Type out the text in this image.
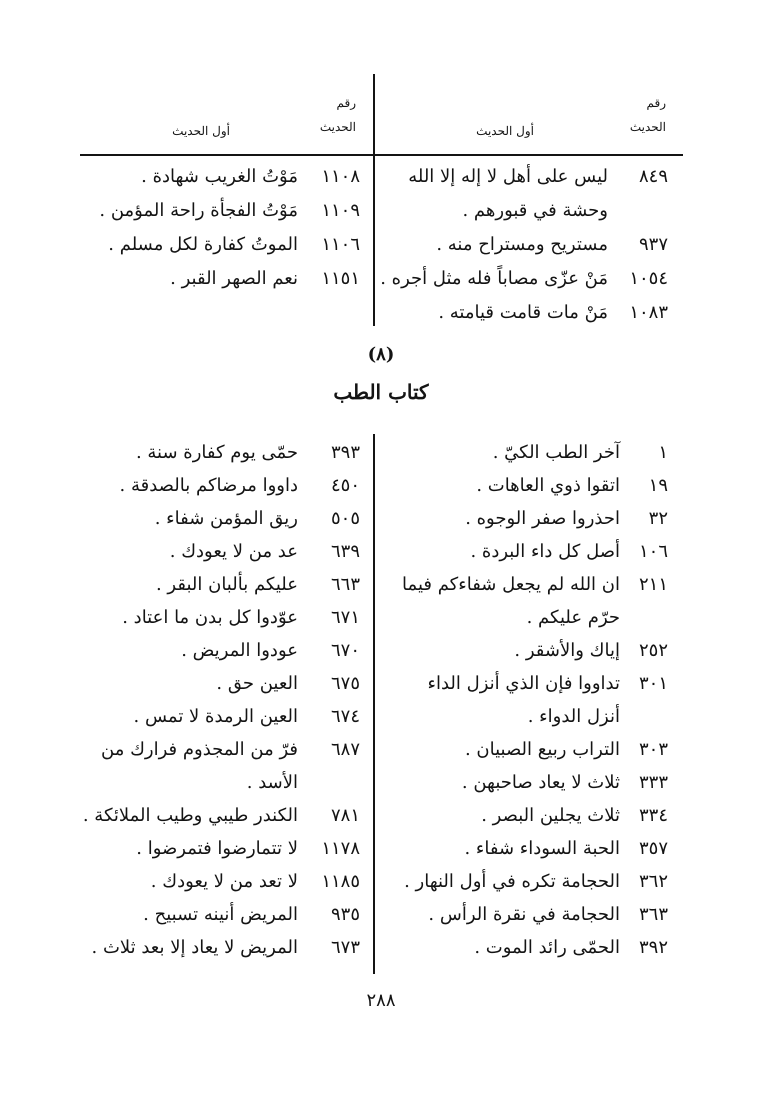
رقم
الحديث
أول الحديث
رقم
الحديث
أول الحديث
٨٤٩
ليس على أهل لا إله إلا الله
وحشة في قبورهم .
٩٣٧
مستريح ومستراح منه .
١٠٥٤
مَنْ عزّى مصاباً فله مثل أجره .
١٠٨٣
مَنْ مات قامت قيامته .
١١٠٨
مَوْتُ الغريب شهادة .
١١٠٩
مَوْتُ الفجأة راحة المؤمن .
١١٠٦
الموتُ كفارة لكل مسلم .
١١٥١
نعم الصهر القبر .
(٨)
كتاب الطب
١
آخر الطب الكيّ .
١٩
اتقوا ذوي العاهات .
٣٢
احذروا صفر الوجوه .
١٠٦
أصل كل داء البردة .
٢١١
ان الله لم يجعل شفاءكم فيما
حرّم عليكم .
٢٥٢
إياك والأشقر .
٣٠١
تداووا فإن الذي أنزل الداء
أنزل الدواء .
٣٠٣
التراب ربيع الصبيان .
٣٣٣
ثلاث لا يعاد صاحبهن .
٣٣٤
ثلاث يجلين البصر .
٣٥٧
الحبة السوداء شفاء .
٣٦٢
الحجامة تكره في أول النهار .
٣٦٣
الحجامة في نقرة الرأس .
٣٩٢
الحمّى رائد الموت .
٣٩٣
حمّى يوم كفارة سنة .
٤٥٠
داووا مرضاكم بالصدقة .
٥٠٥
ريق المؤمن شفاء .
٦٣٩
عد من لا يعودك .
٦٦٣
عليكم بألبان البقر .
٦٧١
عوّدوا كل بدن ما اعتاد .
٦٧٠
عودوا المريض .
٦٧٥
العين حق .
٦٧٤
العين الرمدة لا تمس .
٦٨٧
فرّ من المجذوم فرارك من
الأسد .
٧٨١
الكندر طيبي وطيب الملائكة .
١١٧٨
لا تتمارضوا فتمرضوا .
١١٨٥
لا تعد من لا يعودك .
٩٣٥
المريض أنينه تسبيح .
٦٧٣
المريض لا يعاد إلا بعد ثلاث .
٢٨٨
